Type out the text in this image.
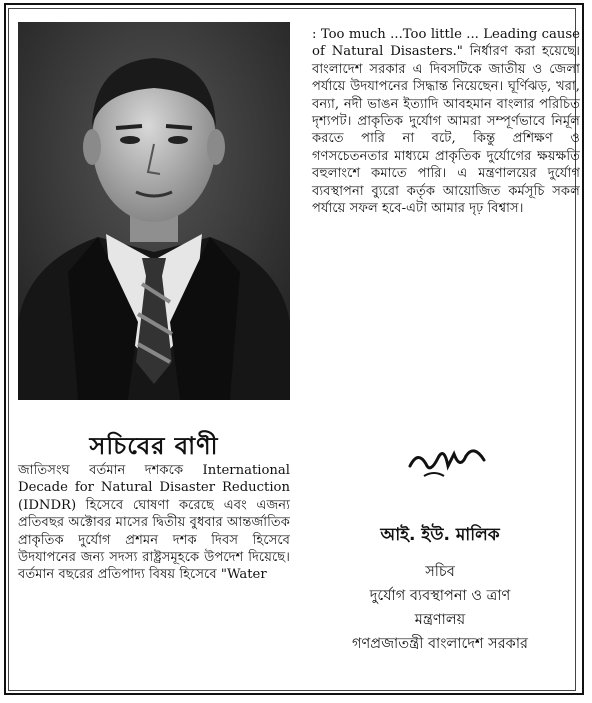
: Too much ...Too little ... Leading cause of Natural Disasters." নির্ধারণ করা হয়েছে। বাংলাদেশ সরকার এ দিবসটিকে জাতীয় ও জেলা পর্যায়ে উদযাপনের সিদ্ধান্ত নিয়েছেন। ঘূর্ণিঝড়, খরা, বন্যা, নদী ভাঙন ইত্যাদি আবহমান বাংলার পরিচিত দৃশ্যপট। প্রাকৃতিক দুর্যোগ আমরা সম্পূর্ণভাবে নির্মূল করতে পারি না বটে, কিন্তু প্রশিক্ষণ ও গণসচেতনতার মাধ্যমে প্রাকৃতিক দুর্যোগের ক্ষয়ক্ষতি বহুলাংশে কমাতে পারি। এ মন্ত্রণালয়ের দুর্যোগ ব্যবস্থাপনা ব্যুরো কর্তৃক আয়োজিত কর্মসূচি সকল পর্যায়ে সফল হবে-এটা আমার দৃঢ় বিশ্বাস।

সচিবের বাণী

জাতিসংঘ বর্তমান দশককে International Decade for Natural Disaster Reduction (IDNDR) হিসেবে ঘোষণা করেছে এবং এজন্য প্রতিবছর অক্টোবর মাসের দ্বিতীয় বুধবার আন্তর্জাতিক প্রাকৃতিক দুর্যোগ প্রশমন দশক দিবস হিসেবে উদযাপনের জন্য সদস্য রাষ্ট্রসমূহকে উপদেশ দিয়েছে। বর্তমান বছরের প্রতিপাদ্য বিষয় হিসেবে "Water

আই. ইউ. মালিক
সচিব
দুর্যোগ ব্যবস্থাপনা ও ত্রাণ
মন্ত্রণালয়
গণপ্রজাতন্ত্রী বাংলাদেশ সরকার
